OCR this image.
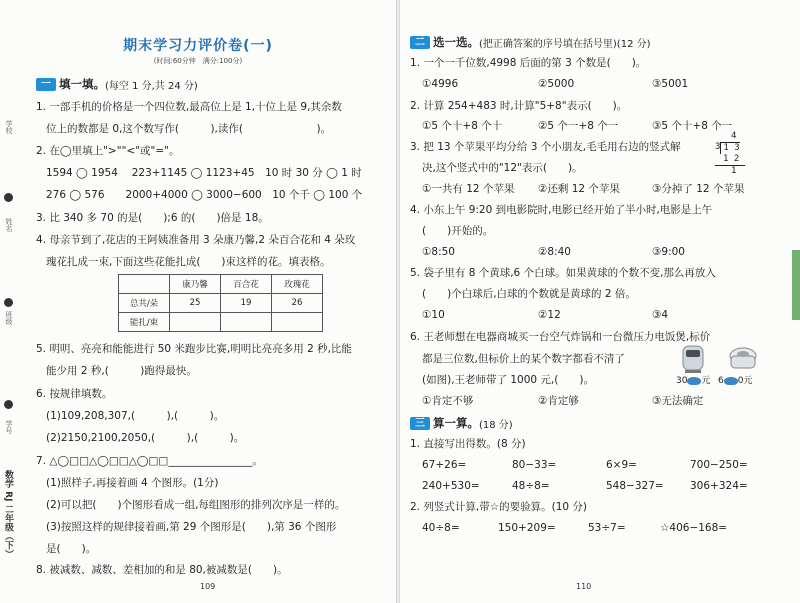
学校
姓名
班级
学号
数学 RJ 二年级（下）
期末学习力评价卷(一)
(时间:60分钟　满分:100分)
一 填一填。 (每空 1 分,共 24 分)
1. 一部手机的价格是一个四位数,最高位上是 1,十位上是 9,其余数
位上的数都是 0,这个数写作(　　　),读作(　　　　　　　)。
2. 在◯里填上">""<"或"="。
1594 ◯ 1954　 223+1145 ◯ 1123+45　10 时 30 分 ◯ 1 时
276 ◯ 576　　2000+4000 ◯ 3000−600　10 个千 ◯ 100 个
3. 比 340 多 70 的是(　　);6 的(　　)倍是 18。
4. 母亲节到了,花店的王阿姨准备用 3 朵康乃馨,2 朵百合花和 4 朵玫
瑰花扎成一束,下面这些花能扎成(　　)束这样的花。填表格。
	康乃馨	百合花	玫瑰花
总共/朵	25	19	26
能扎/束			
5. 明明、亮亮和能能进行 50 米跑步比赛,明明比亮亮多用 2 秒,比能
能少用 2 秒,(　　　)跑得最快。
6. 按规律填数。
(1)109,208,307,(　　　),(　　　)。
(2)2150,2100,2050,(　　　),(　　　)。
7. △◯□□△◯□□△◯□□________________。
(1)照样子,再接着画 4 个图形。(1分)
(2)可以把(　　)个图形看成一组,每组图形的排列次序是一样的。
(3)按照这样的规律接着画,第 29 个图形是(　　),第 36 个图形
是(　　)。
8. 被减数、减数、差相加的和是 80,被减数是(　　)。
109
二 选一选。 (把正确答案的序号填在括号里)(12 分)
1. 一个一千位数,4998 后面的第 3 个数是(　　)。
①4996	②5000	③5001
2. 计算 254+483 时,计算"5+8"表示(　　)。
①5 个十+8 个十	②5 个一+8 个一	③5 个十+8 个一
3. 把 13 个苹果平均分给 3 个小朋友,毛毛用右边的竖式解
决,这个竖式中的"12"表示(　　)。
①一共有 12 个苹果 ②还剩 12 个苹果	③分掉了 12 个苹果
4. 小东上午 9:20 到电影院时,电影已经开始了半小时,电影是上午
(　　)开始的。
①8:50	②8:40	③9:00
5. 袋子里有 8 个黄球,6 个白球。如果黄球的个数不变,那么再放入
(　　)个白球后,白球的个数就是黄球的 2 倍。
①10	②12	③4
6. 王老师想在电器商城买一台空气炸锅和一台微压力电饭煲,标价
都是三位数,但标价上的某个数字都看不清了
(如图),王老师带了 1000 元,(　　)。
①肯定不够	②肯定够	③无法确定
30 元 6 0元
三 算一算。 (18 分)
1. 直接写出得数。(8 分)
67+26=	80−33=	6×9=	700−250=
240+530=	48÷8=	548−327=	306+324=
2. 列竖式计算,带☆的要验算。(10 分)
40÷8=	150+209=	53÷7=	☆406−168=
110
4
3 1 3
1 2
1
